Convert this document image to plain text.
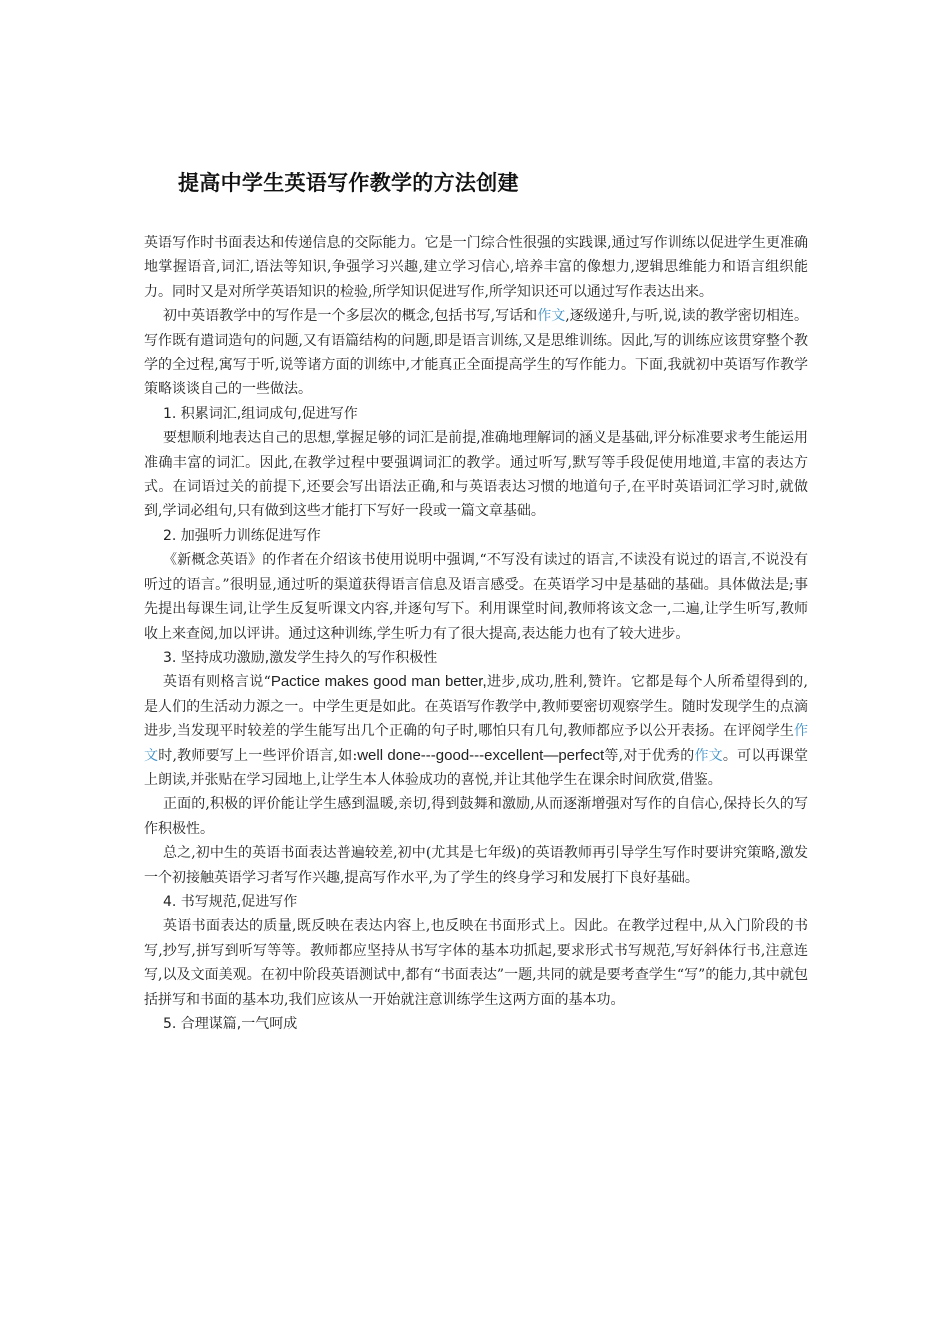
提高中学生英语写作教学的方法创建

英语写作时书面表达和传递信息的交际能力。它是一门综合性很强的实践课,通过写作训练以促进学生更准确地掌握语音,词汇,语法等知识,争强学习兴趣,建立学习信心,培养丰富的像想力,逻辑思维能力和语言组织能力。同时又是对所学英语知识的检验,所学知识促进写作,所学知识还可以通过写作表达出来。

初中英语教学中的写作是一个多层次的概念,包括书写,写话和作文,逐级递升,与听,说,读的教学密切相连。写作既有遣词造句的问题,又有语篇结构的问题,即是语言训练,又是思维训练。因此,写的训练应该贯穿整个教学的全过程,寓写于听,说等诸方面的训练中,才能真正全面提高学生的写作能力。下面,我就初中英语写作教学策略谈谈自己的一些做法。

1. 积累词汇,组词成句,促进写作

要想顺利地表达自己的思想,掌握足够的词汇是前提,准确地理解词的涵义是基础,评分标准要求考生能运用准确丰富的词汇。因此,在教学过程中要强调词汇的教学。通过听写,默写等手段促使用地道,丰富的表达方式。在词语过关的前提下,还要会写出语法正确,和与英语表达习惯的地道句子,在平时英语词汇学习时,就做到,学词必组句,只有做到这些才能打下写好一段或一篇文章基础。

2. 加强听力训练促进写作

《新概念英语》的作者在介绍该书使用说明中强调,“不写没有读过的语言,不读没有说过的语言,不说没有听过的语言。”很明显,通过听的渠道获得语言信息及语言感受。在英语学习中是基础的基础。具体做法是;事先提出每课生词,让学生反复听课文内容,并逐句写下。利用课堂时间,教师将该文念一,二遍,让学生听写,教师收上来查阅,加以评讲。通过这种训练,学生听力有了很大提高,表达能力也有了较大进步。

3. 坚持成功激励,激发学生持久的写作积极性

英语有则格言说“Pactice makes good man better,进步,成功,胜利,赞许。它都是每个人所希望得到的,是人们的生活动力源之一。中学生更是如此。在英语写作教学中,教师要密切观察学生。随时发现学生的点滴进步,当发现平时较差的学生能写出几个正确的句子时,哪怕只有几句,教师都应予以公开表扬。在评阅学生作文时,教师要写上一些评价语言,如:well done---good---excellent—perfect等,对于优秀的作文。可以再课堂上朗读,并张贴在学习园地上,让学生本人体验成功的喜悦,并让其他学生在课余时间欣赏,借鉴。

正面的,积极的评价能让学生感到温暖,亲切,得到鼓舞和激励,从而逐渐增强对写作的自信心,保持长久的写作积极性。

总之,初中生的英语书面表达普遍较差,初中(尤其是七年级)的英语教师再引导学生写作时要讲究策略,激发一个初接触英语学习者写作兴趣,提高写作水平,为了学生的终身学习和发展打下良好基础。

4. 书写规范,促进写作

英语书面表达的质量,既反映在表达内容上,也反映在书面形式上。因此。在教学过程中,从入门阶段的书写,抄写,拼写到听写等等。教师都应坚持从书写字体的基本功抓起,要求形式书写规范,写好斜体行书,注意连写,以及文面美观。在初中阶段英语测试中,都有“书面表达”一题,共同的就是要考查学生“写”的能力,其中就包括拼写和书面的基本功,我们应该从一开始就注意训练学生这两方面的基本功。

5. 合理谋篇,一气呵成
